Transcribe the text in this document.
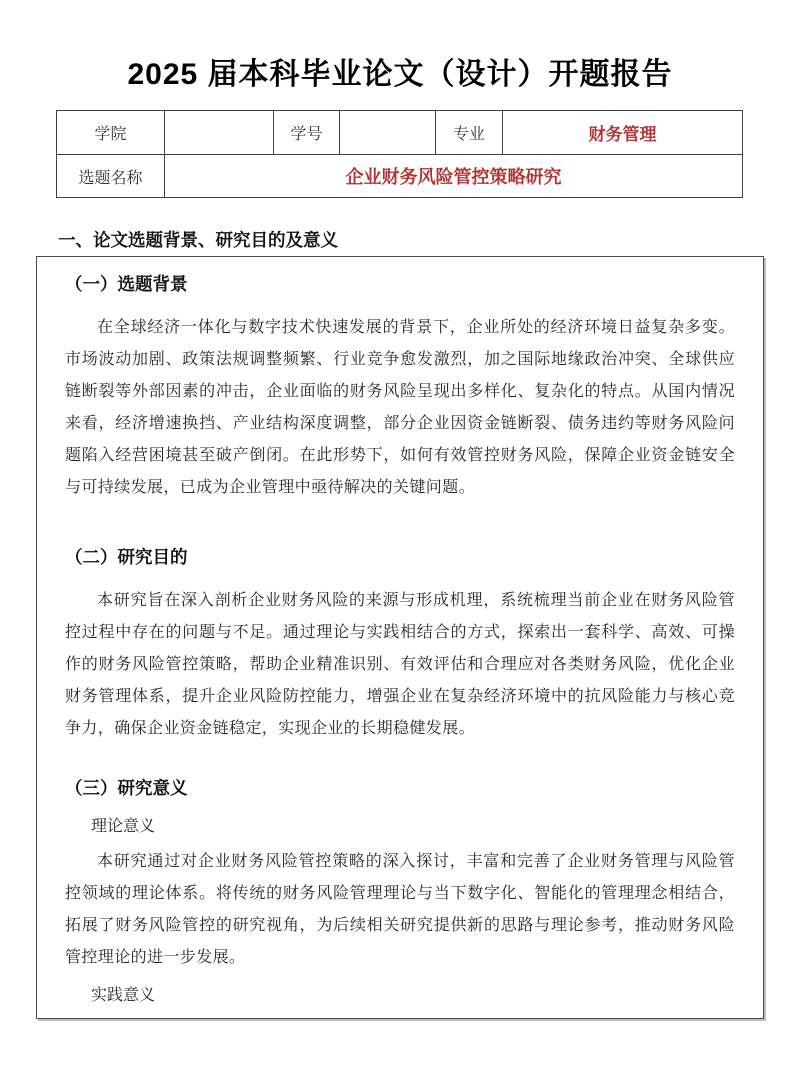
2025 届本科毕业论文（设计）开题报告
学院		学号		专业	财务管理
选题名称	企业财务风险管控策略研究				
一、论文选题背景、研究目的及意义
（一）选题背景

在全球经济一体化与数字技术快速发展的背景下，企业所处的经济环境日益复杂多变。市场波动加剧、政策法规调整频繁、行业竞争愈发激烈，加之国际地缘政治冲突、全球供应链断裂等外部因素的冲击，企业面临的财务风险呈现出多样化、复杂化的特点。从国内情况来看，经济增速换挡、产业结构深度调整，部分企业因资金链断裂、债务违约等财务风险问题陷入经营困境甚至破产倒闭。在此形势下，如何有效管控财务风险，保障企业资金链安全与可持续发展，已成为企业管理中亟待解决的关键问题。

（二）研究目的

本研究旨在深入剖析企业财务风险的来源与形成机理，系统梳理当前企业在财务风险管控过程中存在的问题与不足。通过理论与实践相结合的方式，探索出一套科学、高效、可操作的财务风险管控策略，帮助企业精准识别、有效评估和合理应对各类财务风险，优化企业财务管理体系，提升企业风险防控能力，增强企业在复杂经济环境中的抗风险能力与核心竞争力，确保企业资金链稳定，实现企业的长期稳健发展。

（三）研究意义
理论意义

本研究通过对企业财务风险管控策略的深入探讨，丰富和完善了企业财务管理与风险管控领域的理论体系。将传统的财务风险管理理论与当下数字化、智能化的管理理念相结合，拓展了财务风险管控的研究视角，为后续相关研究提供新的思路与理论参考，推动财务风险管控理论的进一步发展。

实践意义
